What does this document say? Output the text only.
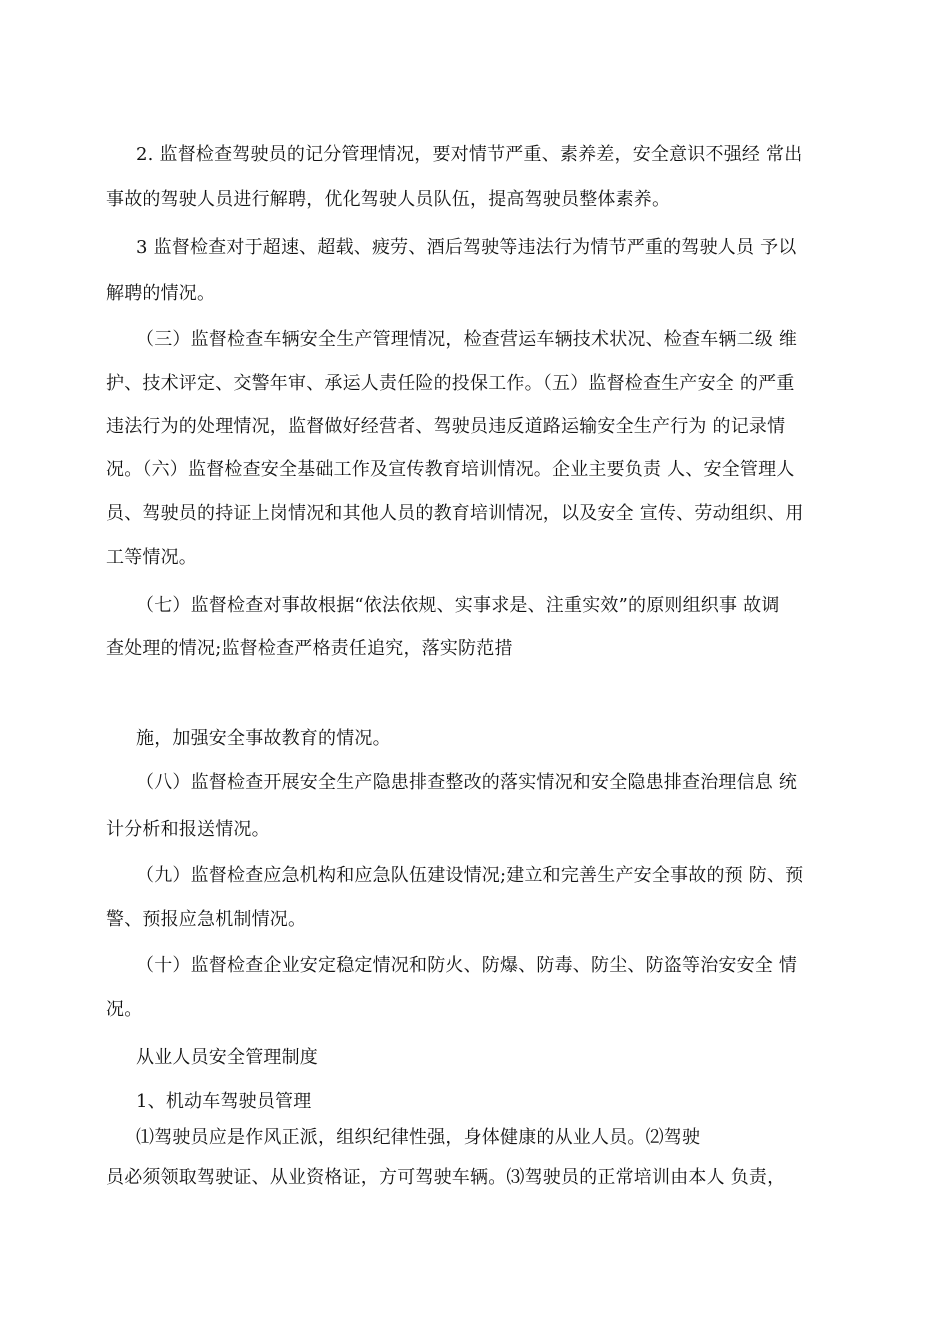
2. 监督检查驾驶员的记分管理情况，要对情节严重、素养差，安全意识不强经 常出
事故的驾驶人员进行解聘，优化驾驶人员队伍，提高驾驶员整体素养。
3 监督检查对于超速、超载、疲劳、酒后驾驶等违法行为情节严重的驾驶人员 予以
解聘的情况。
（三）监督检查车辆安全生产管理情况，检查营运车辆技术状况、检查车辆二级 维
护、技术评定、交警年审、承运人责任险的投保工作。（五）监督检查生产安全 的严重
违法行为的处理情况，监督做好经营者、驾驶员违反道路运输安全生产行为 的记录情
况。（六）监督检查安全基础工作及宣传教育培训情况。企业主要负责 人、安全管理人
员、驾驶员的持证上岗情况和其他人员的教育培训情况，以及安全 宣传、劳动组织、用
工等情况。
（七）监督检查对事故根据“依法依规、实事求是、注重实效”的原则组织事 故调
查处理的情况;监督检查严格责任追究，落实防范措
施，加强安全事故教育的情况。
（八）监督检查开展安全生产隐患排查整改的落实情况和安全隐患排查治理信息 统
计分析和报送情况。
（九）监督检查应急机构和应急队伍建设情况;建立和完善生产安全事故的预 防、预
警、预报应急机制情况。
（十）监督检查企业安定稳定情况和防火、防爆、防毒、防尘、防盗等治安安全 情
况。
从业人员安全管理制度
1、机动车驾驶员管理
⑴驾驶员应是作风正派，组织纪律性强，身体健康的从业人员。⑵驾驶
员必须领取驾驶证、从业资格证，方可驾驶车辆。⑶驾驶员的正常培训由本人 负责，
